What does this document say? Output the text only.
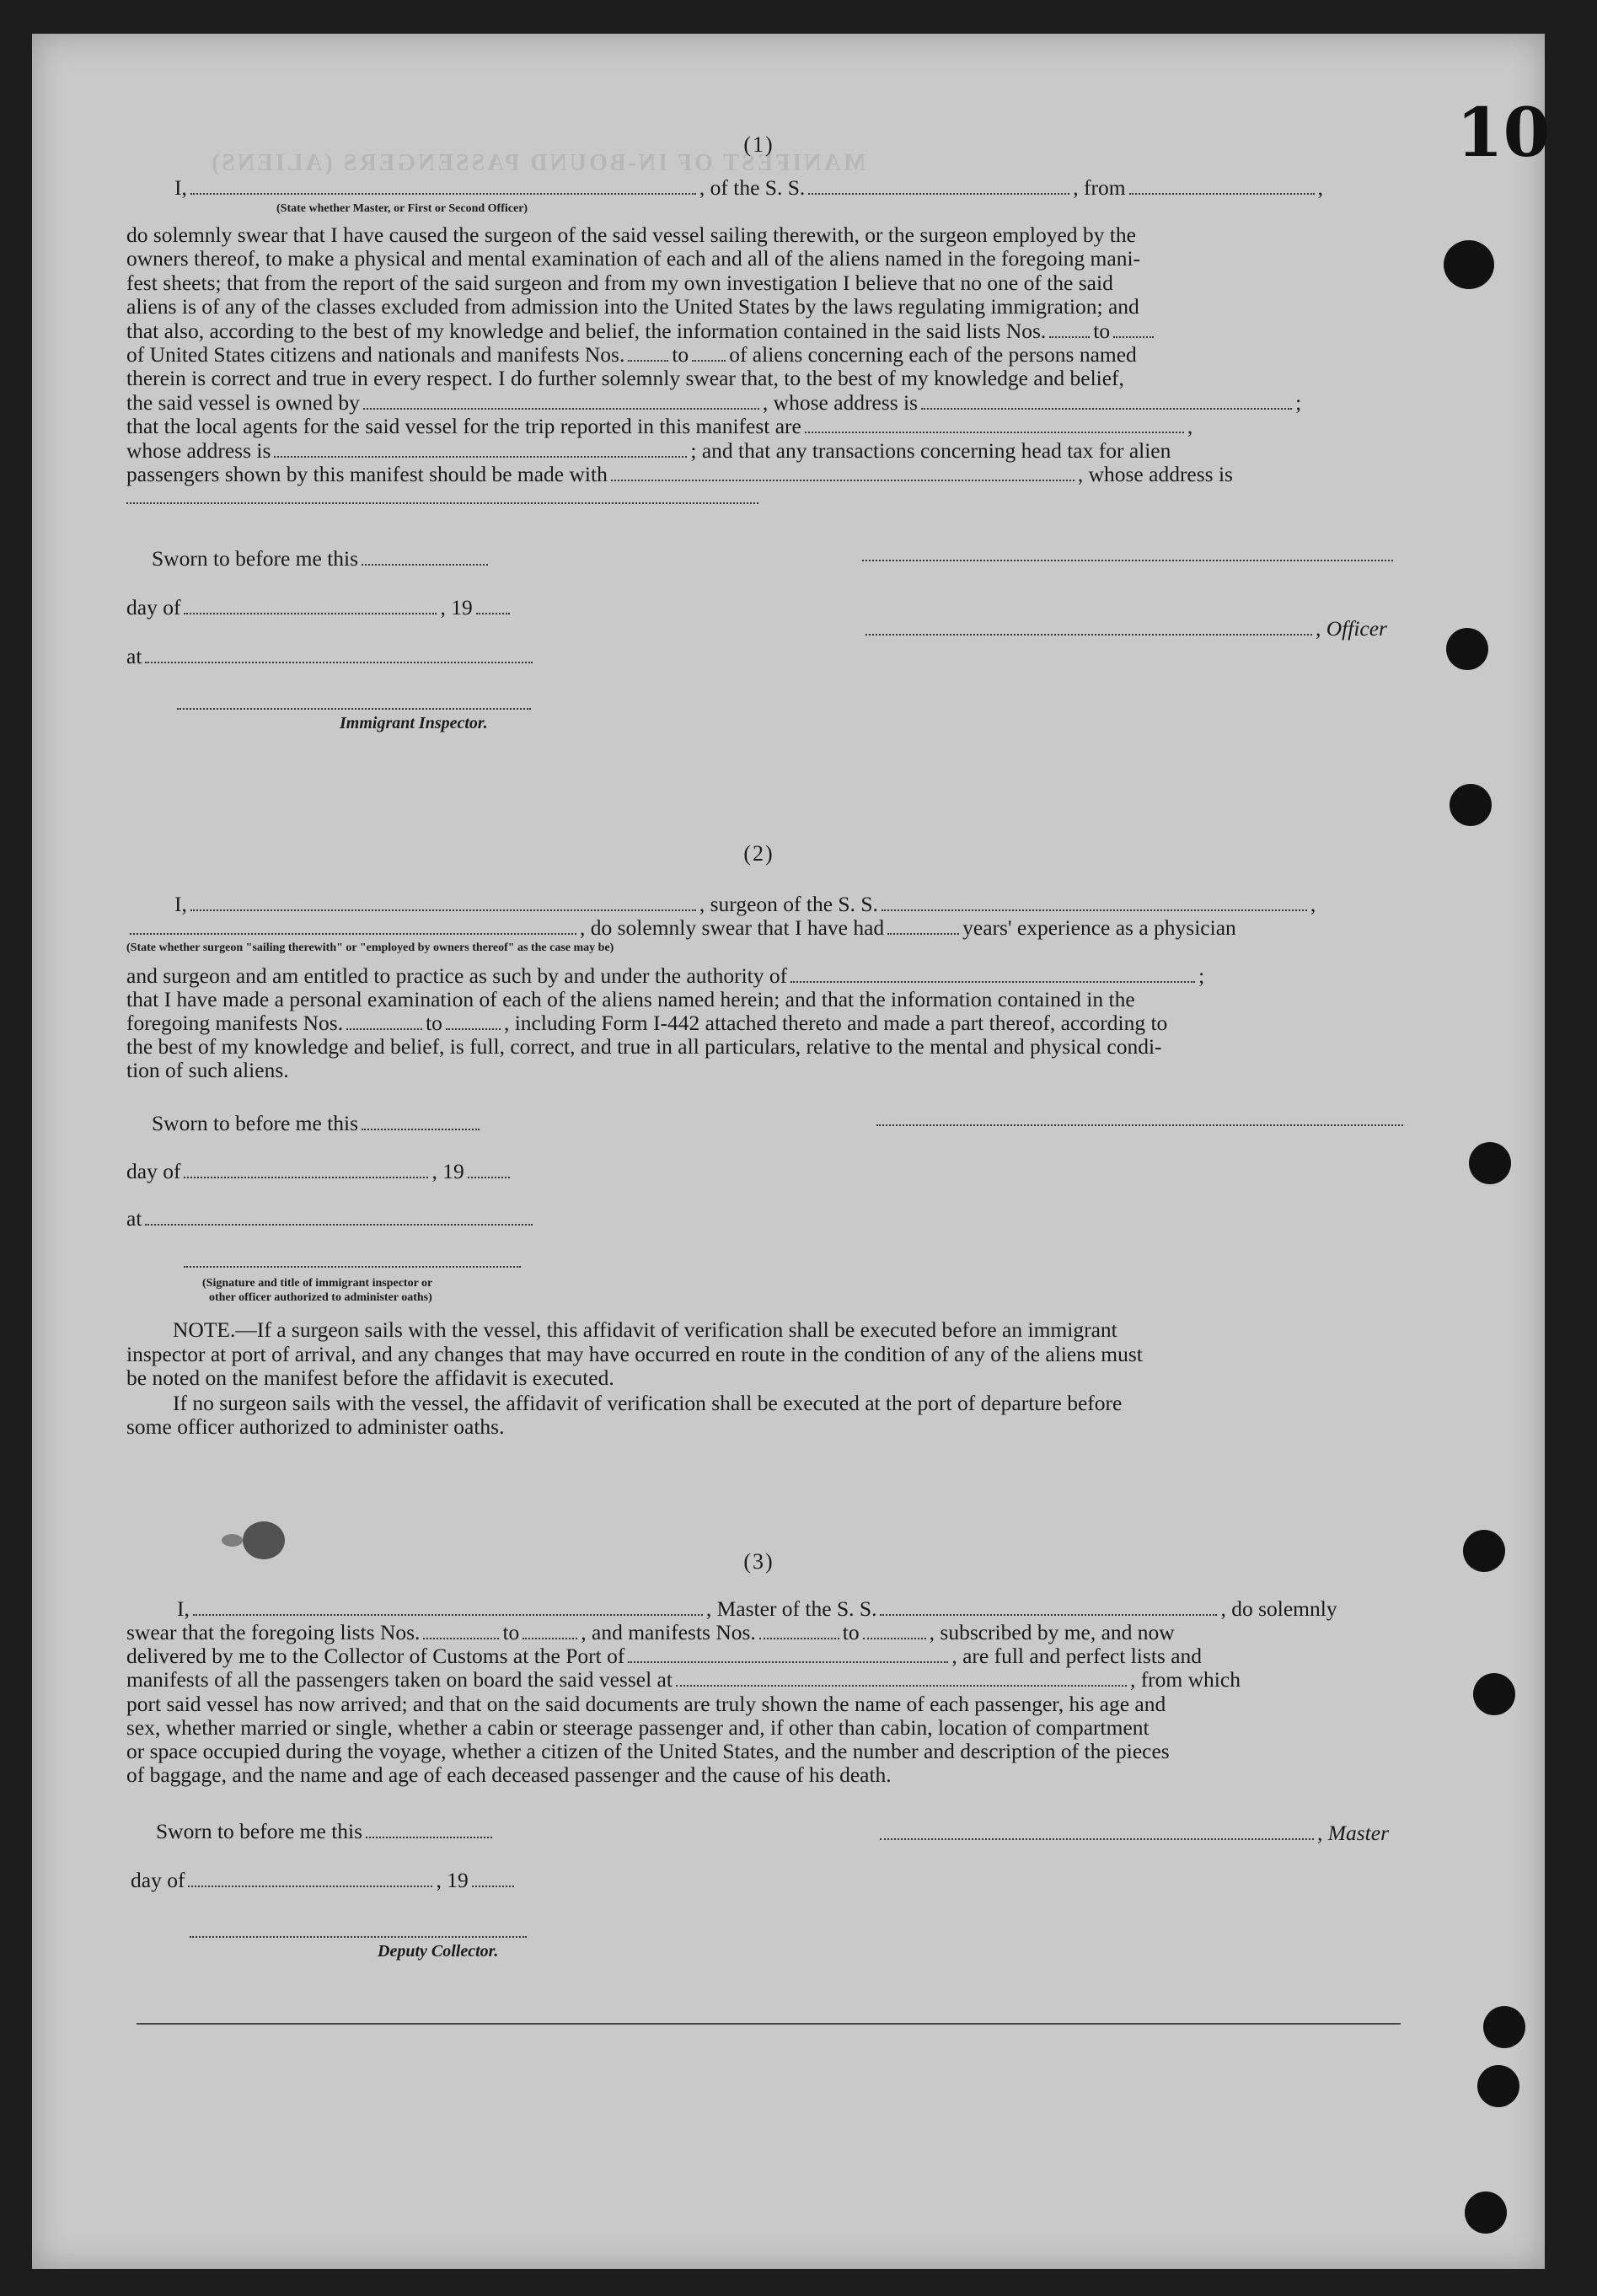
MANIFEST OF IN-BOUND PASSENGERS (ALIENS)	10
(1)
I,	, of the S. S.	, from	,
(State whether Master, or First or Second Officer)
do solemnly swear that I have caused the surgeon of the said vessel sailing therewith, or the surgeon employed by the
owners thereof, to make a physical and mental examination of each and all of the aliens named in the foregoing mani-
fest sheets; that from the report of the said surgeon and from my own investigation I believe that no one of the said
aliens is of any of the classes excluded from admission into the United States by the laws regulating immigration; and
that also, according to the best of my knowledge and belief, the information contained in the said lists Nos. to
of United States citizens and nationals and manifests Nos. to of aliens concerning each of the persons named
therein is correct and true in every respect. I do further solemnly swear that, to the best of my knowledge and belief,
the said vessel is owned by	, whose address is	;
that the local agents for the said vessel for the trip reported in this manifest are	,
whose address is	; and that any transactions concerning head tax for alien
passengers shown by this manifest should be made with	, whose address is
Sworn to before me this
day of	, 19
, Officer
at
Immigrant Inspector.
(2)
I,	, surgeon of the S. S.	,
, do solemnly swear that I have had	years' experience as a physician
(State whether surgeon "sailing therewith" or "employed by owners thereof" as the case may be)
and surgeon and am entitled to practice as such by and under the authority of	;
that I have made a personal examination of each of the aliens named herein; and that the information contained in the
foregoing manifests Nos.	to	, including Form I-442 attached thereto and made a part thereof, according to
the best of my knowledge and belief, is full, correct, and true in all particulars, relative to the mental and physical condi-
tion of such aliens.
Sworn to before me this
day of	, 19
at
(Signature and title of immigrant inspector or
other officer authorized to administer oaths)
NOTE.—If a surgeon sails with the vessel, this affidavit of verification shall be executed before an immigrant
inspector at port of arrival, and any changes that may have occurred en route in the condition of any of the aliens must
be noted on the manifest before the affidavit is executed.
If no surgeon sails with the vessel, the affidavit of verification shall be executed at the port of departure before
some officer authorized to administer oaths.
(3)
I,	, Master of the S. S.	, do solemnly
swear that the foregoing lists Nos.	to	, and manifests Nos.	to	, subscribed by me, and now
delivered by me to the Collector of Customs at the Port of	, are full and perfect lists and
manifests of all the passengers taken on board the said vessel at	, from which
port said vessel has now arrived; and that on the said documents are truly shown the name of each passenger, his age and
sex, whether married or single, whether a cabin or steerage passenger and, if other than cabin, location of compartment
or space occupied during the voyage, whether a citizen of the United States, and the number and description of the pieces
of baggage, and the name and age of each deceased passenger and the cause of his death.
Sworn to before me this	, Master
day of	, 19
Deputy Collector.
